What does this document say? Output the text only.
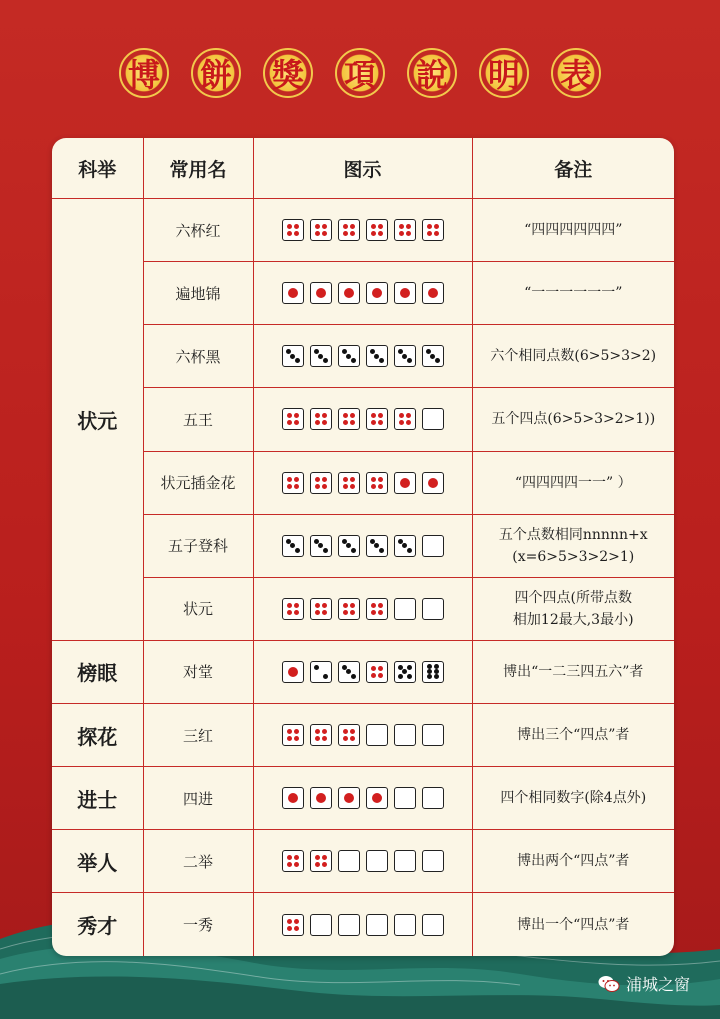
博 餅 獎 項 說 明 表
科举	常用名	图示	备注
状元	六杯红		“四四四四四四”
	遍地锦		“一一一一一一”
	六杯黑		六个相同点数(6>5>3>2)
	五王		五个四点(6>5>3>2>1))
	状元插金花		“四四四四一一” ）
	五子登科		五个点数相同nnnnn+x
(x=6>5>3>2>1)

	状元		四个四点(所带点数
相加12最大,3最小)

榜眼	对堂		博出“一二三四五六”者
探花	三红		博出三个“四点”者
进士	四进		四个相同数字(除4点外)
举人	二举		博出两个“四点”者
秀才	一秀		博出一个“四点”者
浦城之窗
